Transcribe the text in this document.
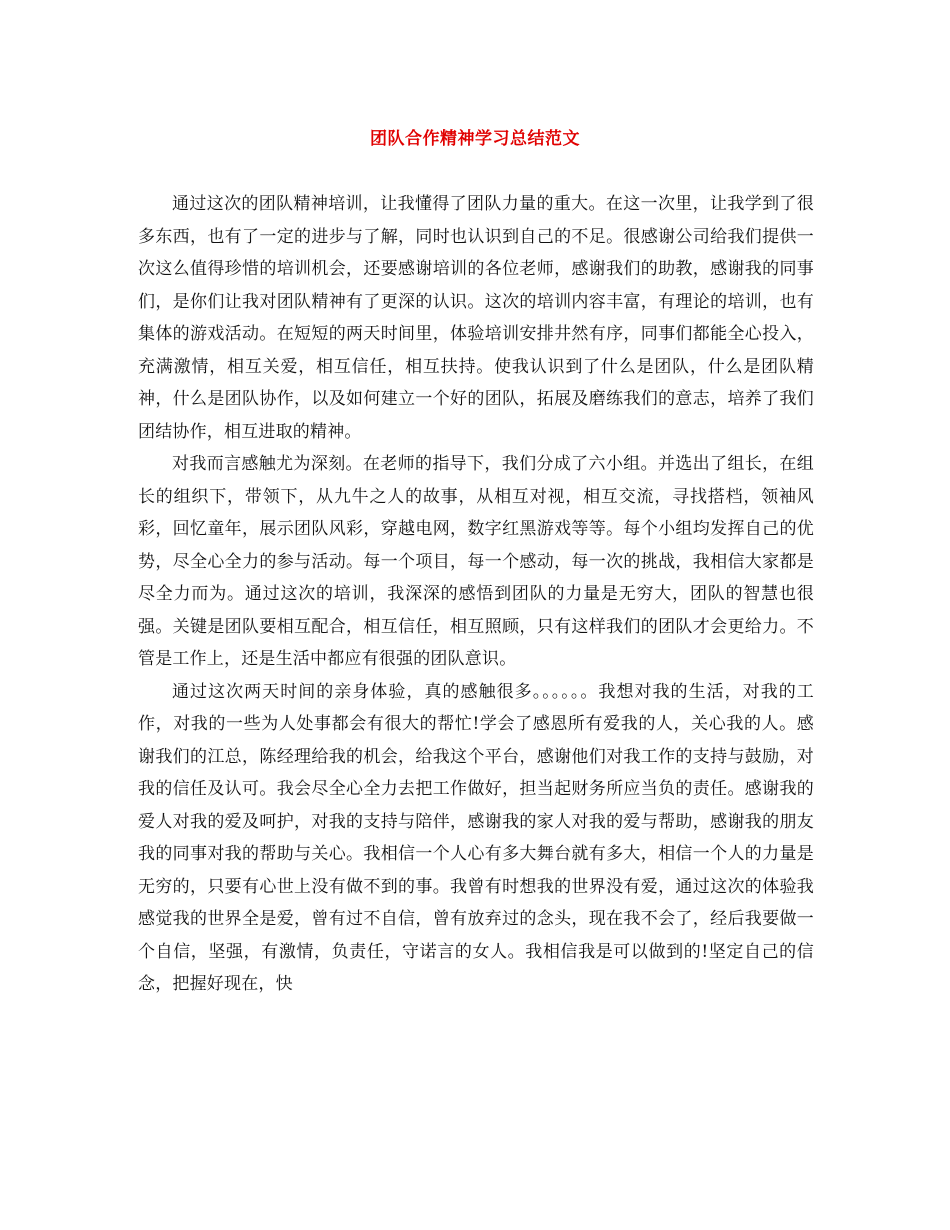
团队合作精神学习总结范文

通过这次的团队精神培训，让我懂得了团队力量的重大。在这一次里，让我学到了很多东西，也有了一定的进步与了解，同时也认识到自己的不足。很感谢公司给我们提供一次这么值得珍惜的培训机会，还要感谢培训的各位老师，感谢我们的助教，感谢我的同事们，是你们让我对团队精神有了更深的认识。这次的培训内容丰富，有理论的培训，也有集体的游戏活动。在短短的两天时间里，体验培训安排井然有序，同事们都能全心投入，充满激情，相互关爱，相互信任，相互扶持。使我认识到了什么是团队，什么是团队精神，什么是团队协作，以及如何建立一个好的团队，拓展及磨练我们的意志，培养了我们团结协作，相互进取的精神。

对我而言感触尤为深刻。在老师的指导下，我们分成了六小组。并选出了组长，在组长的组织下，带领下，从九牛之人的故事，从相互对视，相互交流，寻找搭档，领袖风彩，回忆童年，展示团队风彩，穿越电网，数字红黑游戏等等。每个小组均发挥自己的优势，尽全心全力的参与活动。每一个项目，每一个感动，每一次的挑战，我相信大家都是尽全力而为。通过这次的培训，我深深的感悟到团队的力量是无穷大，团队的智慧也很强。关键是团队要相互配合，相互信任，相互照顾，只有这样我们的团队才会更给力。不管是工作上，还是生活中都应有很强的团队意识。

通过这次两天时间的亲身体验，真的感触很多。。。。。。我想对我的生活，对我的工作，对我的一些为人处事都会有很大的帮忙!学会了感恩所有爱我的人，关心我的人。感谢我们的江总，陈经理给我的机会，给我这个平台，感谢他们对我工作的支持与鼓励，对我的信任及认可。我会尽全心全力去把工作做好，担当起财务所应当负的责任。感谢我的爱人对我的爱及呵护，对我的支持与陪伴，感谢我的家人对我的爱与帮助，感谢我的朋友我的同事对我的帮助与关心。我相信一个人心有多大舞台就有多大，相信一个人的力量是无穷的，只要有心世上没有做不到的事。我曾有时想我的世界没有爱，通过这次的体验我感觉我的世界全是爱，曾有过不自信，曾有放弃过的念头，现在我不会了，经后我要做一个自信，坚强，有激情，负责任，守诺言的女人。我相信我是可以做到的!坚定自己的信念，把握好现在，快
